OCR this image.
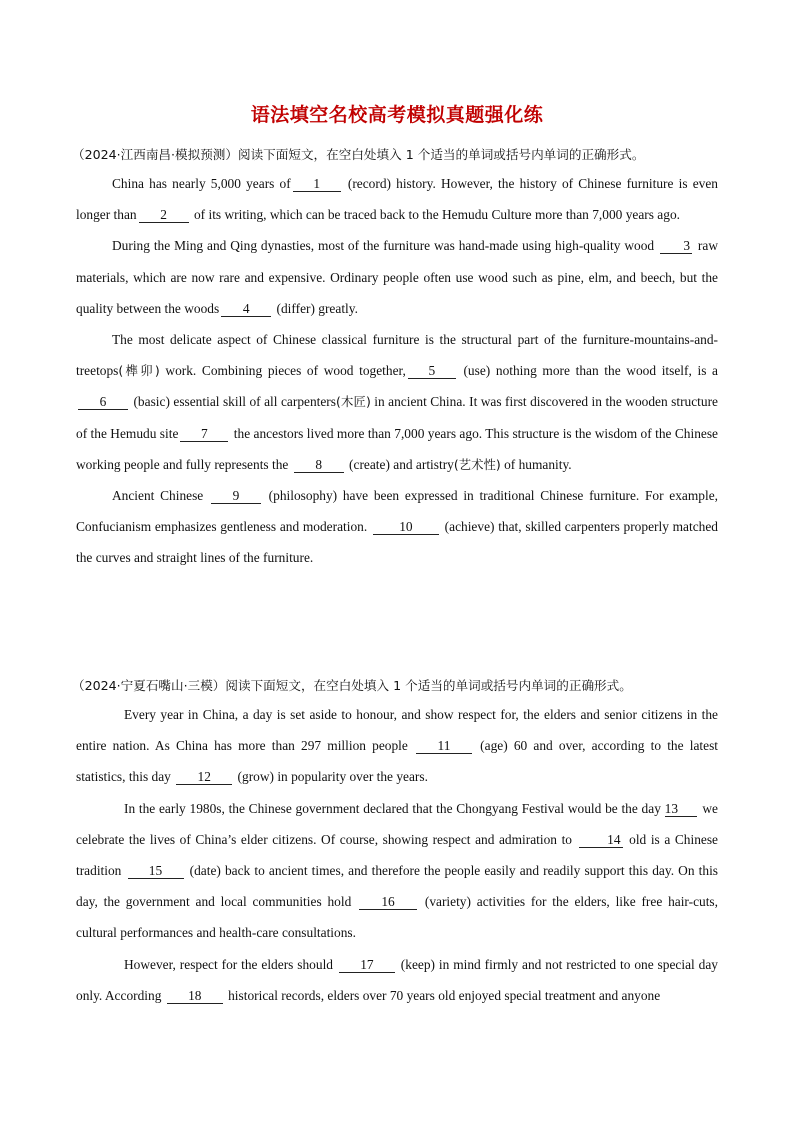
语法填空名校高考模拟真题强化练
（2024·江西南昌·模拟预测）阅读下面短文，在空白处填入 1 个适当的单词或括号内单词的正确形式。

China has nearly 5,000 years of 1 (record) history. However, the history of Chinese furniture is even longer than 2 of its writing, which can be traced back to the Hemudu Culture more than 7,000 years ago.

During the Ming and Qing dynasties, most of the furniture was hand-made using high-quality wood 3 raw materials, which are now rare and expensive. Ordinary people often use wood such as pine, elm, and beech, but the quality between the woods 4 (differ) greatly.

The most delicate aspect of Chinese classical furniture is the structural part of the furniture-mountains-and-treetops(榫卯) work. Combining pieces of wood together, 5 (use) nothing more than the wood itself, is a6 (basic) essential skill of all carpenters(木匠) in ancient China. It was first discovered in the wooden structure of the Hemudu site 7 the ancestors lived more than 7,000 years ago. This structure is the wisdom of the Chinese working people and fully represents the 8 (create) and artistry(艺术性) of humanity.

Ancient Chinese 9 (philosophy) have been expressed in traditional Chinese furniture. For example, Confucianism emphasizes gentleness and moderation. 10 (achieve) that, skilled carpenters properly matched the curves and straight lines of the furniture.

（2024·宁夏石嘴山·三模）阅读下面短文，在空白处填入 1 个适当的单词或括号内单词的正确形式。

Every year in China, a day is set aside to honour, and show respect for, the elders and senior citizens in the entire nation. As China has more than 297 million people 11 (age) 60 and over, according to the latest statistics, this day 12 (grow) in popularity over the years.

In the early 1980s, the Chinese government declared that the Chongyang Festival would be the day 13 we celebrate the lives of China’s elder citizens. Of course, showing respect and admiration to 14 old is a Chinese tradition 15 (date) back to ancient times, and therefore the people easily and readily support this day. On this day, the government and local communities hold 16 (variety) activities for the elders, like free hair-cuts, cultural performances and health-care consultations.

However, respect for the elders should 17 (keep) in mind firmly and not restricted to one special day only. According 18 historical records, elders over 70 years old enjoyed special treatment and anyone
